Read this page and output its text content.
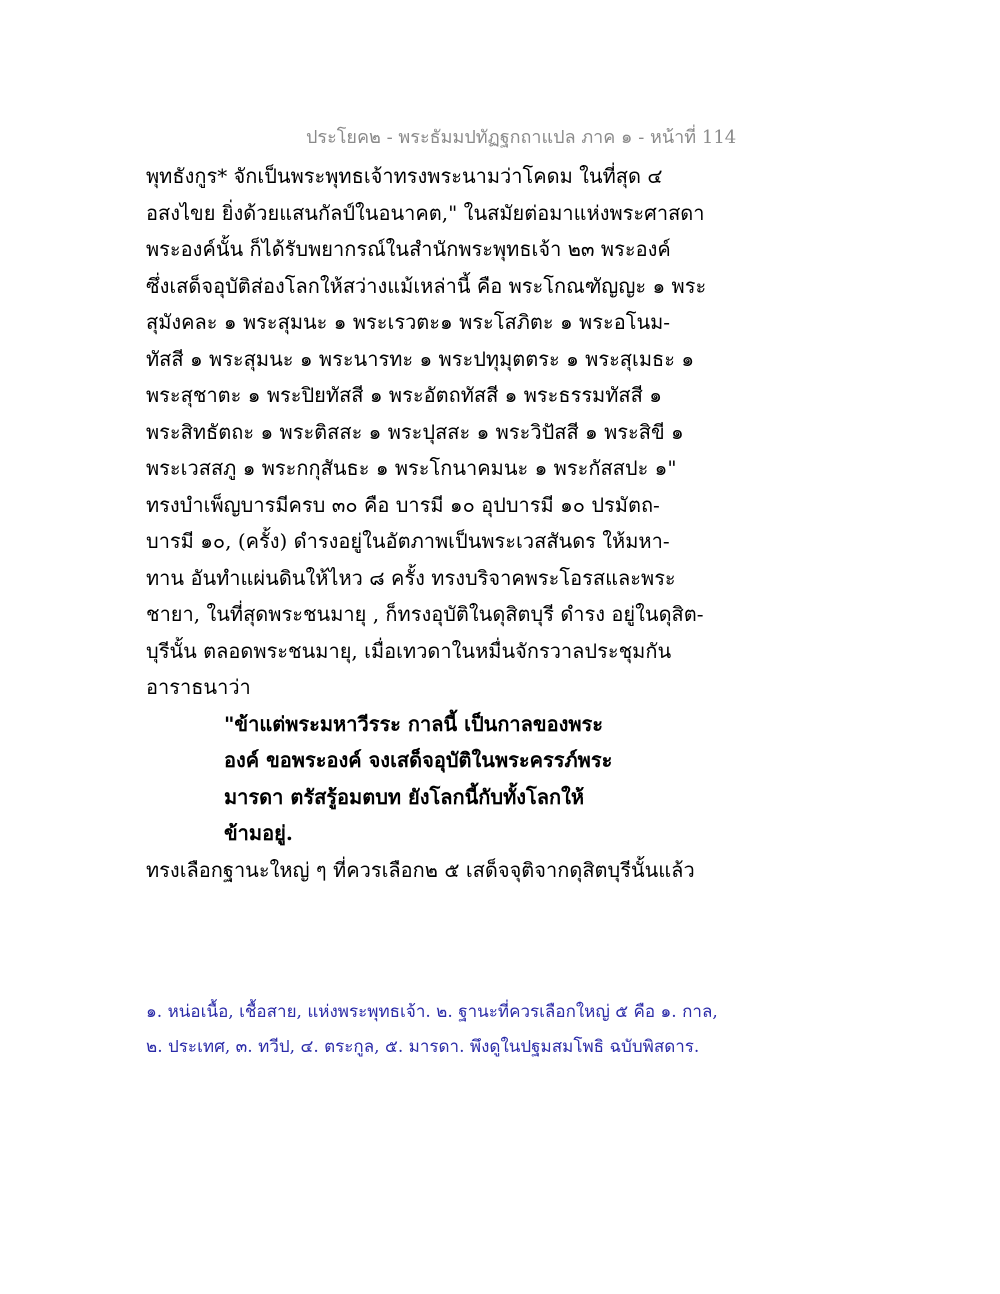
ประโยค๒ - พระธัมมปทัฏฐกถาแปล ภาค ๑ - หน้าที่ 114
พุทธังกูร* จักเป็นพระพุทธเจ้าทรงพระนามว่าโคดม ในที่สุด ๔
อสงไขย ยิ่งด้วยแสนกัลป์ในอนาคต," ในสมัยต่อมาแห่งพระศาสดา
พระองค์นั้น ก็ได้รับพยากรณ์ในสำนักพระพุทธเจ้า ๒๓ พระองค์
ซึ่งเสด็จอุบัติส่องโลกให้สว่างแม้เหล่านี้ คือ พระโกณฑัญญะ ๑ พระ
สุมังคละ ๑ พระสุมนะ ๑ พระเรวตะ๑ พระโสภิตะ ๑ พระอโนม-
ทัสสี ๑ พระสุมนะ ๑ พระนารทะ ๑ พระปทุมุตตระ ๑ พระสุเมธะ ๑
พระสุชาตะ ๑ พระปิยทัสสี ๑ พระอัตถทัสสี ๑ พระธรรมทัสสี ๑
พระสิทธัตถะ ๑ พระติสสะ ๑ พระปุสสะ ๑ พระวิปัสสี ๑ พระสิขี ๑
พระเวสสภู ๑ พระกกุสันธะ ๑ พระโกนาคมนะ ๑ พระกัสสปะ ๑"
ทรงบำเพ็ญบารมีครบ ๓๐ คือ บารมี ๑๐ อุปบารมี ๑๐ ปรมัตถ-
บารมี ๑๐, (ครั้ง) ดำรงอยู่ในอัตภาพเป็นพระเวสสันดร ให้มหา-
ทาน อันทำแผ่นดินให้ไหว ๘ ครั้ง ทรงบริจาคพระโอรสและพระ
ชายา, ในที่สุดพระชนมายุ , ก็ทรงอุบัติในดุสิตบุรี ดำรง อยู่ในดุสิต-
บุรีนั้น ตลอดพระชนมายุ, เมื่อเทวดาในหมื่นจักรวาลประชุมกัน
อาราธนาว่า
"ข้าแต่พระมหาวีรระ กาลนี้ เป็นกาลของพระ
องค์ ขอพระองค์ จงเสด็จอุบัติในพระครรภ์พระ
มารดา ตรัสรู้อมตบท ยังโลกนี้กับทั้งโลกให้
ข้ามอยู่.
ทรงเลือกฐานะใหญ่ ๆ ที่ควรเลือก๒ ๕ เสด็จจุติจากดุสิตบุรีนั้นแล้ว
๑. หน่อเนื้อ, เชื้อสาย, แห่งพระพุทธเจ้า. ๒. ฐานะที่ควรเลือกใหญ่ ๕ คือ ๑. กาล,
๒. ประเทศ, ๓. ทวีป, ๔. ตระกูล, ๕. มารดา. พึงดูในปฐมสมโพธิ ฉบับพิสดาร.
